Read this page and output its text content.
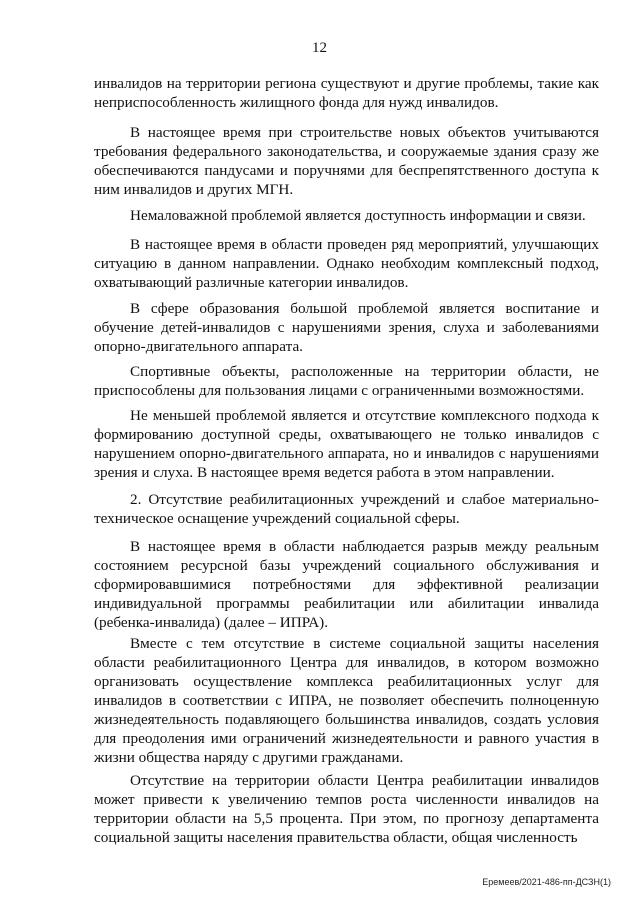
12
инвалидов на территории региона существуют и другие проблемы, такие как неприспособленность жилищного фонда для нужд инвалидов.
В настоящее время при строительстве новых объектов учитываются требования федерального законодательства, и сооружаемые здания сразу же обеспечиваются пандусами и поручнями для беспрепятственного доступа к ним инвалидов и других МГН.
Немаловажной проблемой является доступность информации и связи.
В настоящее время в области проведен ряд мероприятий, улучшающих ситуацию в данном направлении. Однако необходим комплексный подход, охватывающий различные категории инвалидов.
В сфере образования большой проблемой является воспитание и обучение детей-инвалидов с нарушениями зрения, слуха и заболеваниями опорно-двигательного аппарата.
Спортивные объекты, расположенные на территории области, не приспособлены для пользования лицами с ограниченными возможностями.
Не меньшей проблемой является и отсутствие комплексного подхода к формированию доступной среды, охватывающего не только инвалидов с нарушением опорно-двигательного аппарата, но и инвалидов с нарушениями зрения и слуха. В настоящее время ведется работа в этом направлении.
2. Отсутствие реабилитационных учреждений и слабое материально-техническое оснащение учреждений социальной сферы.
В настоящее время в области наблюдается разрыв между реальным состоянием ресурсной базы учреждений социального обслуживания и сформировавшимися потребностями для эффективной реализации индивидуальной программы реабилитации или абилитации инвалида (ребенка-инвалида) (далее – ИПРА).
Вместе с тем отсутствие в системе социальной защиты населения области реабилитационного Центра для инвалидов, в котором возможно организовать осуществление комплекса реабилитационных услуг для инвалидов в соответствии с ИПРА, не позволяет обеспечить полноценную жизнедеятельность подавляющего большинства инвалидов, создать условия для преодоления ими ограничений жизнедеятельности и равного участия в жизни общества наряду с другими гражданами.
Отсутствие на территории области Центра реабилитации инвалидов может привести к увеличению темпов роста численности инвалидов на территории области на 5,5 процента. При этом, по прогнозу департамента социальной защиты населения правительства области, общая численность
Еремеев/2021-486-пп-ДСЗН(1)
